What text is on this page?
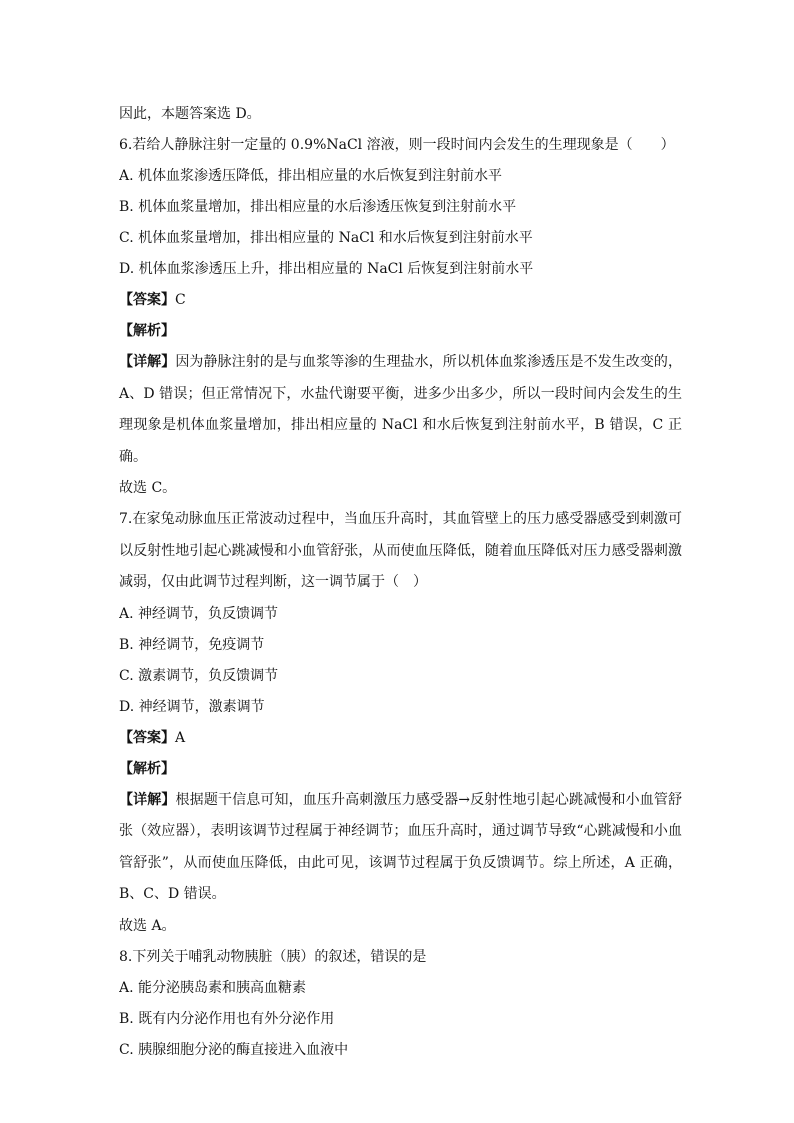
因此，本题答案选 D。
6.若给人静脉注射一定量的 0.9%NaCl 溶液，则一段时间内会发生的生理现象是（　　）
A. 机体血浆渗透压降低，排出相应量的水后恢复到注射前水平
B. 机体血浆量增加，排出相应量的水后渗透压恢复到注射前水平
C. 机体血浆量增加，排出相应量的 NaCl 和水后恢复到注射前水平
D. 机体血浆渗透压上升，排出相应量的 NaCl 后恢复到注射前水平
【答案】C
【解析】
【详解】因为静脉注射的是与血浆等渗的生理盐水，所以机体血浆渗透压是不发生改变的，A、D 错误；但正常情况下，水盐代谢要平衡，进多少出多少，所以一段时间内会发生的生理现象是机体血浆量增加，排出相应量的 NaCl 和水后恢复到注射前水平，B 错误，C 正确。
故选 C。
7.在家兔动脉血压正常波动过程中，当血压升高时，其血管壁上的压力感受器感受到刺激可以反射性地引起心跳减慢和小血管舒张，从而使血压降低，随着血压降低对压力感受器刺激减弱，仅由此调节过程判断，这一调节属于（　）
A. 神经调节，负反馈调节
B. 神经调节，免疫调节
C. 激素调节，负反馈调节
D. 神经调节，激素调节
【答案】A
【解析】
【详解】根据题干信息可知，血压升高刺激压力感受器→反射性地引起心跳减慢和小血管舒张（效应器），表明该调节过程属于神经调节；血压升高时，通过调节导致“心跳减慢和小血管舒张”，从而使血压降低，由此可见，该调节过程属于负反馈调节。综上所述，A 正确，B、C、D 错误。
故选 A。
8.下列关于哺乳动物胰脏（胰）的叙述，错误的是
A. 能分泌胰岛素和胰高血糖素
B. 既有内分泌作用也有外分泌作用
C. 胰腺细胞分泌的酶直接进入血液中
